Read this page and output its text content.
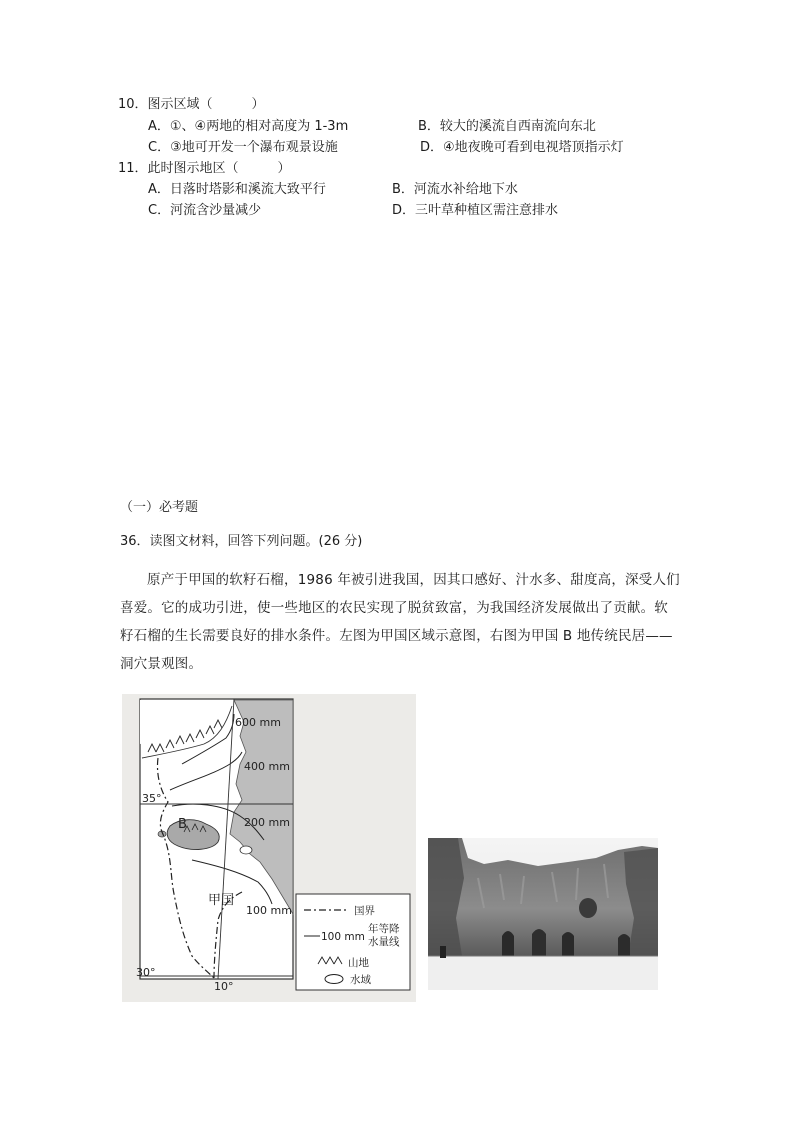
10．图示区域（　　　）
A．①、④两地的相对高度为 1-3m	B．较大的溪流自西南流向东北
C．③地可开发一个瀑布观景设施	D．④地夜晚可看到电视塔顶指示灯
11．此时图示地区（　　　）
A．日落时塔影和溪流大致平行	B．河流水补给地下水
C．河流含沙量减少	D．三叶草种植区需注意排水
（一）必考题
36．读图文材料，回答下列问题。(26 分)

原产于甲国的软籽石榴，1986 年被引进我国，因其口感好、汁水多、甜度高，深受人们喜爱。它的成功引进，使一些地区的农民实现了脱贫致富，为我国经济发展做出了贡献。软籽石榴的生长需要良好的排水条件。左图为甲国区域示意图，右图为甲国 B 地传统民居——洞穴景观图。

600 mm
400 mm
200 mm
100 mm
35°
30°
10°
B
甲国
国界
100 mm
年等降
水量线
山地
水域
